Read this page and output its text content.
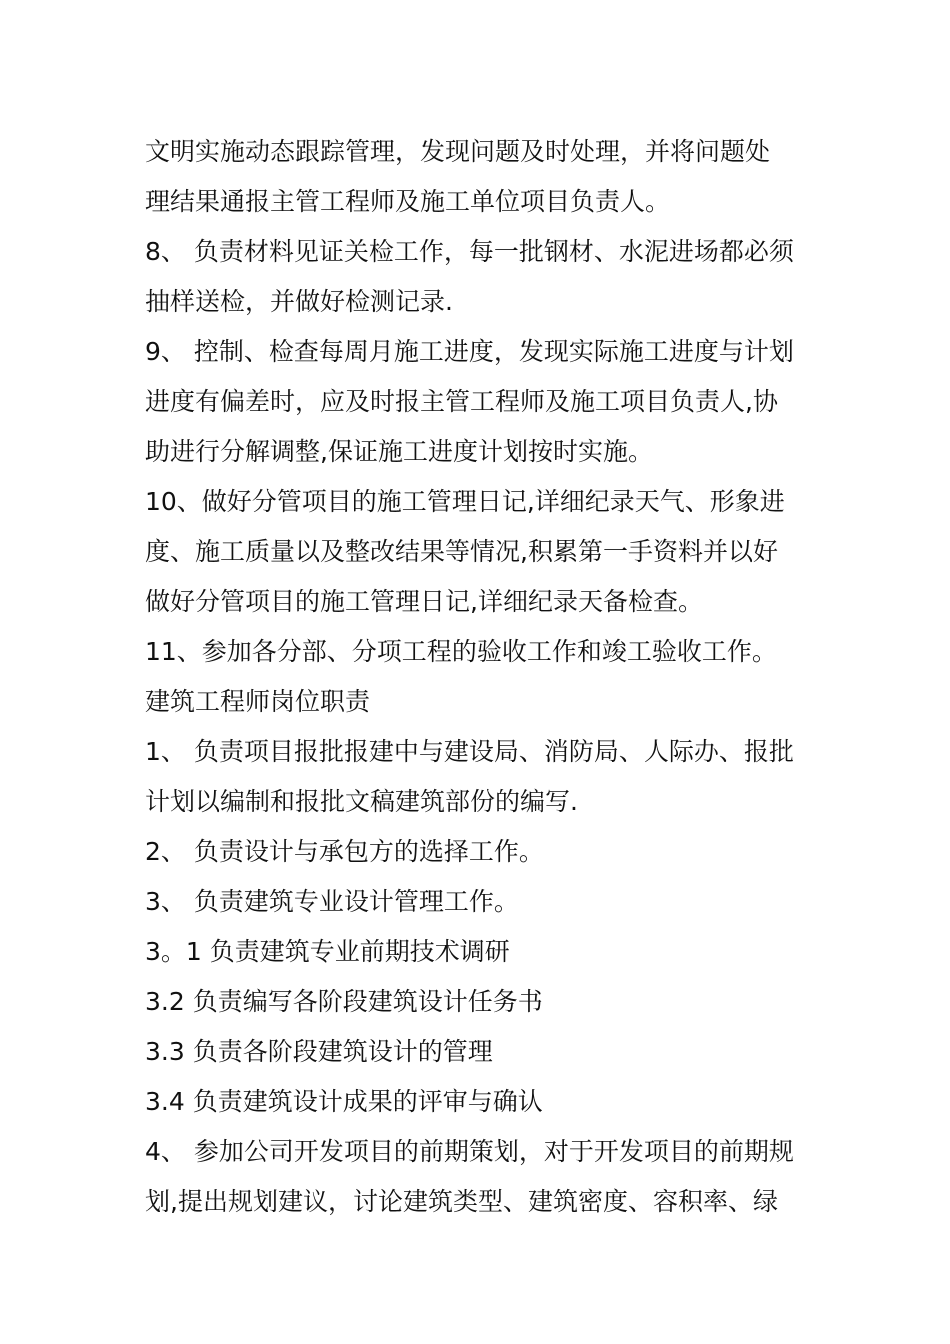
文明实施动态跟踪管理，发现问题及时处理，并将问题处
理结果通报主管工程师及施工单位项目负责人。
8、 负责材料见证关检工作，每一批钢材、水泥进场都必须
抽样送检，并做好检测记录.
9、 控制、检查每周月施工进度，发现实际施工进度与计划
进度有偏差时，应及时报主管工程师及施工项目负责人,协
助进行分解调整,保证施工进度计划按时实施。
10、做好分管项目的施工管理日记,详细纪录天气、形象进
度、施工质量以及整改结果等情况,积累第一手资料并以好
做好分管项目的施工管理日记,详细纪录天备检查。
11、参加各分部、分项工程的验收工作和竣工验收工作。
建筑工程师岗位职责
1、 负责项目报批报建中与建设局、消防局、人际办、报批
计划以编制和报批文稿建筑部份的编写.
2、 负责设计与承包方的选择工作。
3、 负责建筑专业设计管理工作。
3。1 负责建筑专业前期技术调研
3.2 负责编写各阶段建筑设计任务书
3.3 负责各阶段建筑设计的管理
3.4 负责建筑设计成果的评审与确认
4、 参加公司开发项目的前期策划，对于开发项目的前期规
划,提出规划建议，讨论建筑类型、建筑密度、容积率、绿
